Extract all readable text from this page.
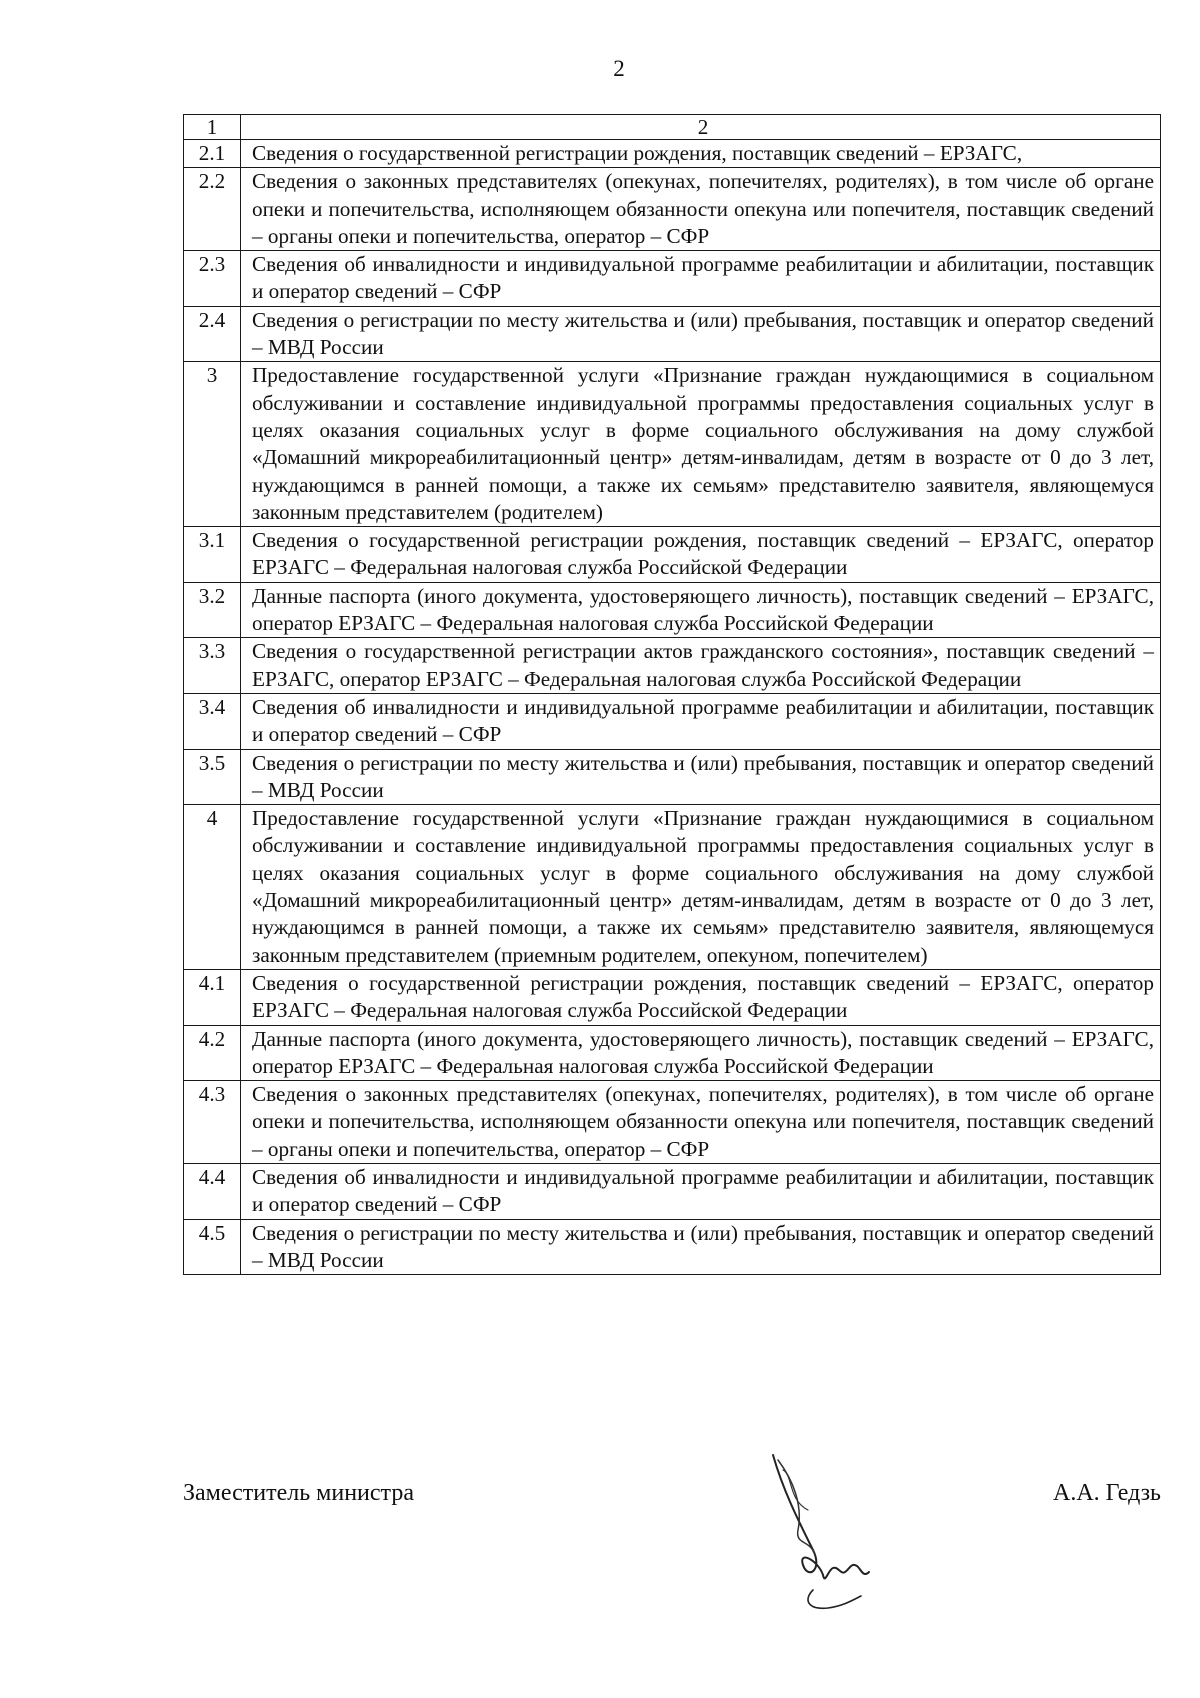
2
1	2
2.1	Сведения о государственной регистрации рождения, поставщик сведений – ЕРЗАГС,
2.2	Сведения о законных представителях (опекунах, попечителях, родителях), в том числе об органе опеки и попечительства, исполняющем обязанности опекуна или попечителя, поставщик сведений – органы опеки и попечительства, оператор – СФР
2.3	Сведения об инвалидности и индивидуальной программе реабилитации и абилитации, поставщик и оператор сведений – СФР
2.4	Сведения о регистрации по месту жительства и (или) пребывания, поставщик и оператор сведений – МВД России
3	Предоставление государственной услуги «Признание граждан нуждающимися в социальном обслуживании и составление индивидуальной программы предоставления социальных услуг в целях оказания социальных услуг в форме социального обслуживания на дому службой «Домашний микрореабилитационный центр» детям-инвалидам, детям в возрасте от 0 до 3 лет, нуждающимся в ранней помощи, а также их семьям» представителю заявителя, являющемуся законным представителем (родителем)
3.1	Сведения о государственной регистрации рождения, поставщик сведений – ЕРЗАГС, оператор ЕРЗАГС – Федеральная налоговая служба Российской Федерации
3.2	Данные паспорта (иного документа, удостоверяющего личность), поставщик сведений – ЕРЗАГС, оператор ЕРЗАГС – Федеральная налоговая служба Российской Федерации
3.3	Сведения о государственной регистрации актов гражданского состояния», поставщик сведений – ЕРЗАГС, оператор ЕРЗАГС – Федеральная налоговая служба Российской Федерации
3.4	Сведения об инвалидности и индивидуальной программе реабилитации и абилитации, поставщик и оператор сведений – СФР
3.5	Сведения о регистрации по месту жительства и (или) пребывания, поставщик и оператор сведений – МВД России
4	Предоставление государственной услуги «Признание граждан нуждающимися в социальном обслуживании и составление индивидуальной программы предоставления социальных услуг в целях оказания социальных услуг в форме социального обслуживания на дому службой «Домашний микрореабилитационный центр» детям-инвалидам, детям в возрасте от 0 до 3 лет, нуждающимся в ранней помощи, а также их семьям» представителю заявителя, являющемуся законным представителем (приемным родителем, опекуном, попечителем)
4.1	Сведения о государственной регистрации рождения, поставщик сведений – ЕРЗАГС, оператор ЕРЗАГС – Федеральная налоговая служба Российской Федерации
4.2	Данные паспорта (иного документа, удостоверяющего личность), поставщик сведений – ЕРЗАГС, оператор ЕРЗАГС – Федеральная налоговая служба Российской Федерации
4.3	Сведения о законных представителях (опекунах, попечителях, родителях), в том числе об органе опеки и попечительства, исполняющем обязанности опекуна или попечителя, поставщик сведений – органы опеки и попечительства, оператор – СФР
4.4	Сведения об инвалидности и индивидуальной программе реабилитации и абилитации, поставщик и оператор сведений – СФР
4.5	Сведения о регистрации по месту жительства и (или) пребывания, поставщик и оператор сведений – МВД России
Заместитель министра	А.А. Гедзь
